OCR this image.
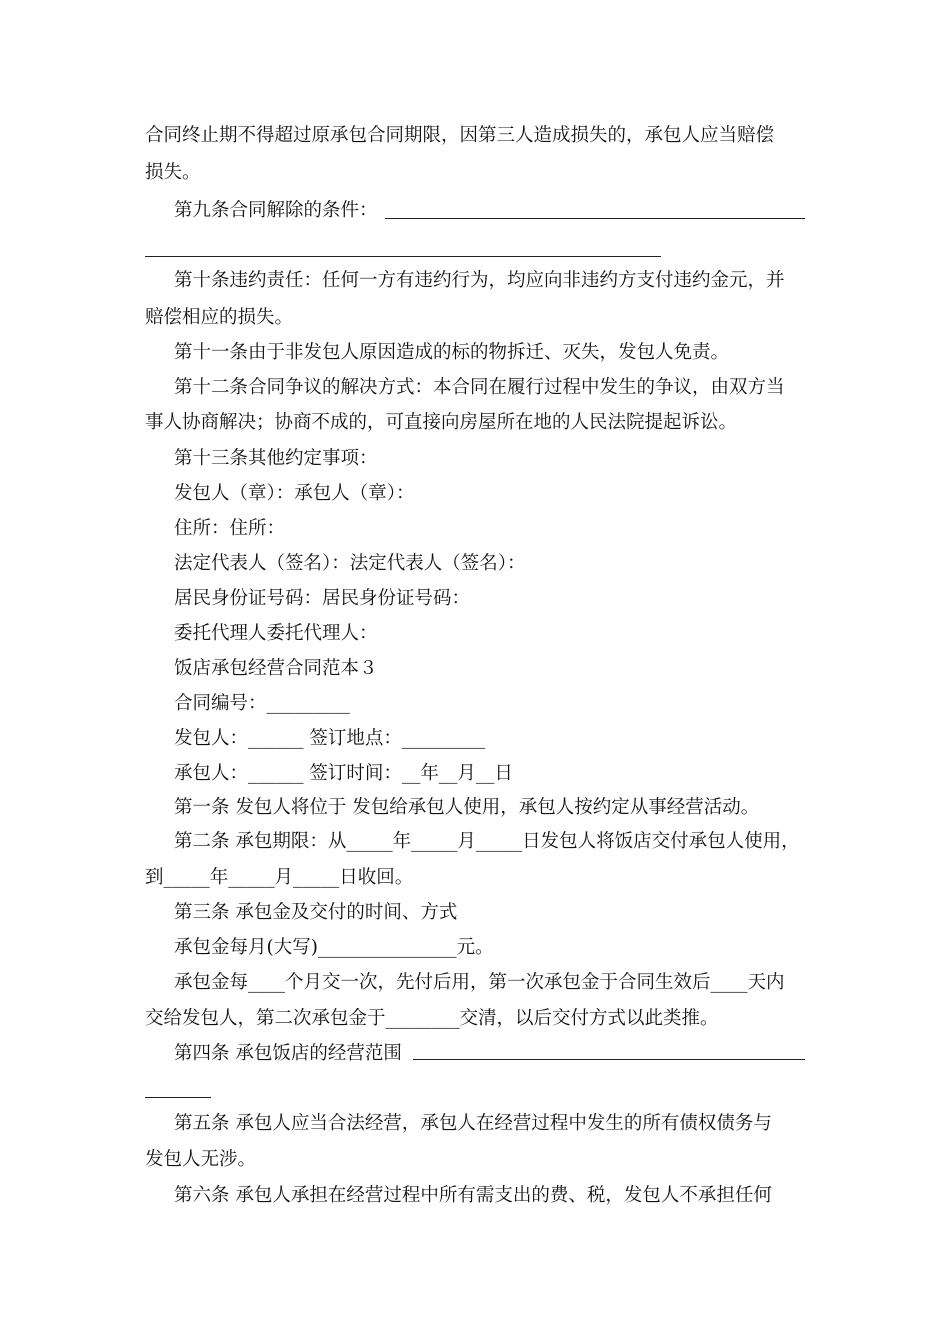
合同终止期不得超过原承包合同期限，因第三人造成损失的，承包人应当赔偿
损失。
第九条合同解除的条件：
第十条违约责任：任何一方有违约行为，均应向非违约方支付违约金元，并
赔偿相应的损失。
第十一条由于非发包人原因造成的标的物拆迁、灭失，发包人免责。
第十二条合同争议的解决方式：本合同在履行过程中发生的争议，由双方当
事人协商解决；协商不成的，可直接向房屋所在地的人民法院提起诉讼。
第十三条其他约定事项：
发包人（章）：承包人（章）：
住所：住所：
法定代表人（签名）：法定代表人（签名）：
居民身份证号码：居民身份证号码：
委托代理人委托代理人：
饭店承包经营合同范本３
合同编号：_________
发包人：______ 签订地点：_________
承包人：______ 签订时间：__年__月__日
第一条 发包人将位于 发包给承包人使用，承包人按约定从事经营活动。
第二条 承包期限：从_____年_____月_____日发包人将饭店交付承包人使用，
到_____年_____月_____日收回。
第三条 承包金及交付的时间、方式
承包金每月(大写)_______________元。
承包金每____个月交一次，先付后用，第一次承包金于合同生效后____天内
交给发包人，第二次承包金于________交清，以后交付方式以此类推。
第四条 承包饭店的经营范围
第五条 承包人应当合法经营，承包人在经营过程中发生的所有债权债务与
发包人无涉。
第六条 承包人承担在经营过程中所有需支出的费、税，发包人不承担任何
